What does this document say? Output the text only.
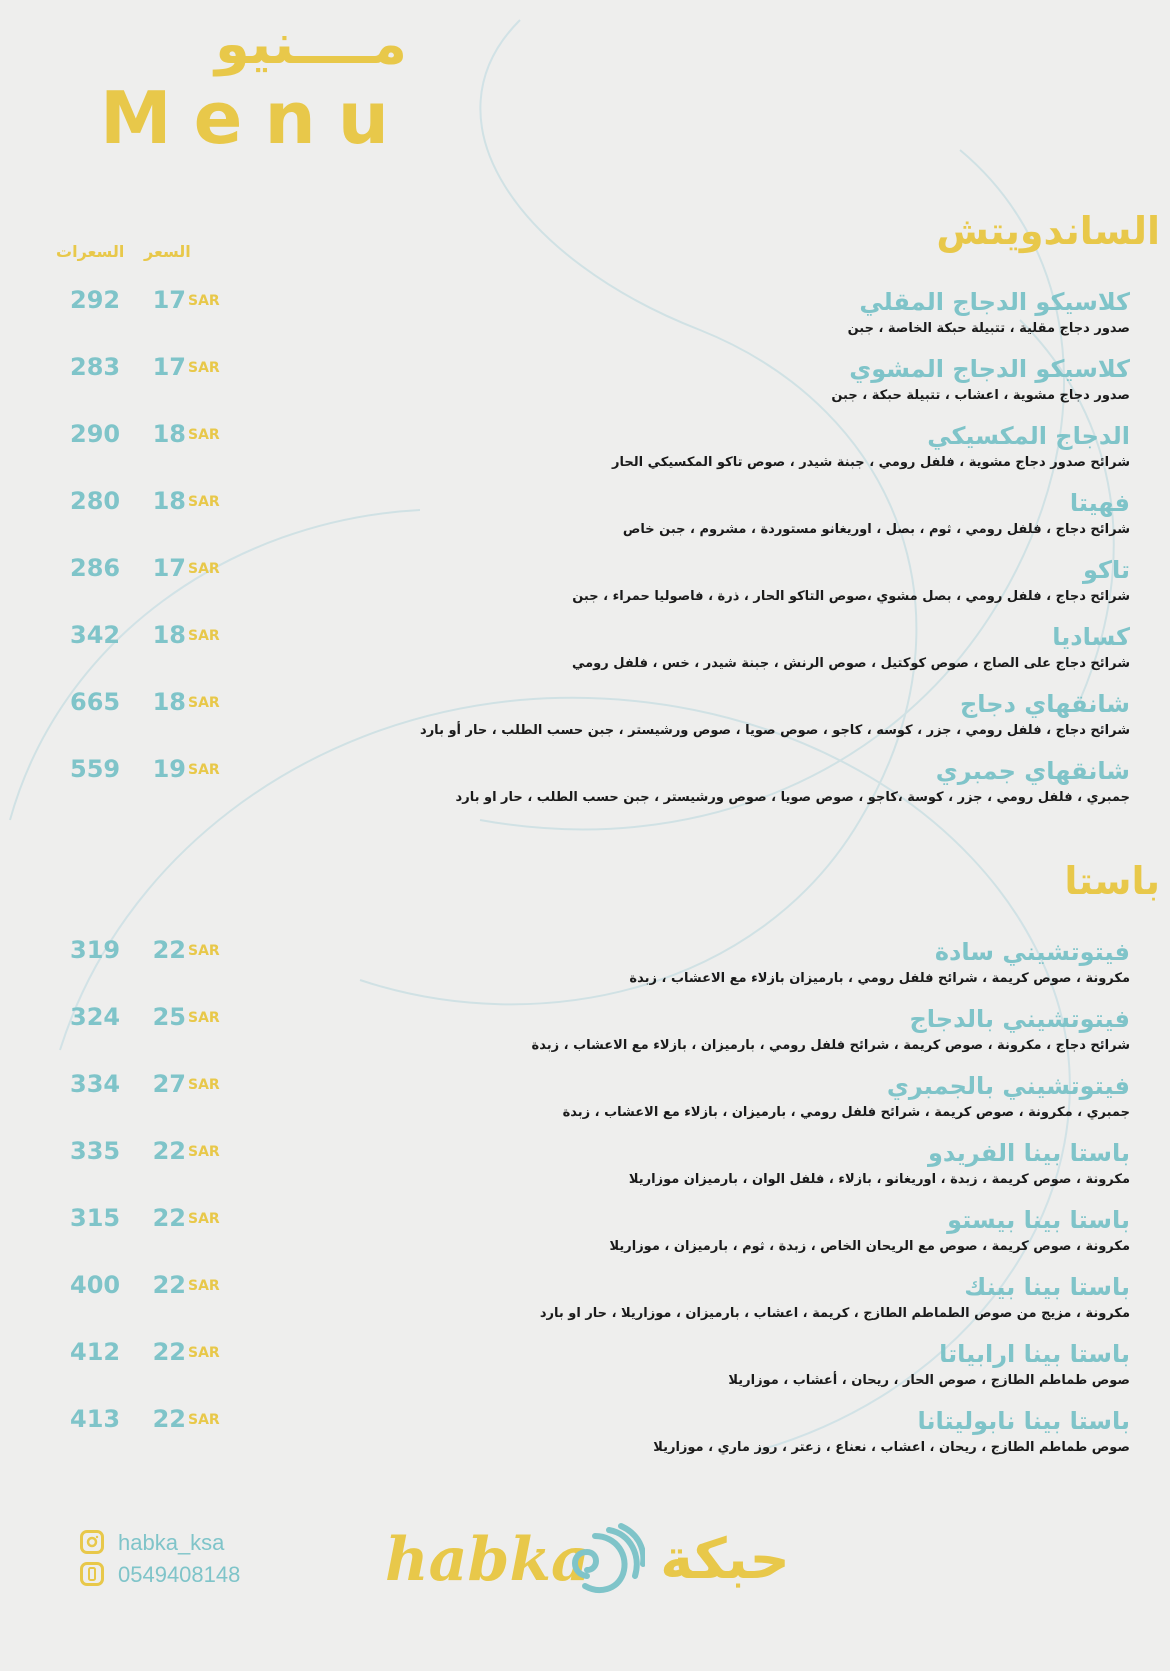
مــــنيو
Menu
السعر
السعرات	الساندويتش
باستا
كلاسيكو الدجاج المقلي
صدور دجاج مقلية ، تتبيلة حبكة الخاصة ، جبن
292 17 SAR
كلاسيكو الدجاج المشوي
صدور دجاج مشوية ، اعشاب ، تتبيلة حبكة ، جبن
283 17 SAR
الدجاج المكسيكي
شرائح صدور دجاج مشوية ، فلفل رومي ، جبنة شيدر ، صوص تاكو المكسيكي الحار
290 18 SAR
فهيتا
شرائح دجاج ، فلفل رومي ، ثوم ، بصل ، اوريغانو مستوردة ، مشروم ، جبن خاص
280 18 SAR
تاكو
شرائح دجاج ، فلفل رومي ، بصل مشوي ،صوص التاكو الحار ، ذرة ، فاصوليا حمراء ، جبن
286 17 SAR
كساديا
شرائح دجاج على الصاج ، صوص كوكتيل ، صوص الرنش ، جبنة شيدر ، خس ، فلفل رومي
342 18 SAR
شانقهاي دجاج
شرائح دجاج ، فلفل رومي ، جزر ، كوسه ، كاجو ، صوص صويا ، صوص ورشيستر ، جبن حسب الطلب ، حار أو بارد
665 18 SAR
شانقهاي جمبري
جمبري ، فلفل رومي ، جزر ، كوسة ،كاجو ، صوص صويا ، صوص ورشيستر ، جبن حسب الطلب ، حار او بارد
559 19 SAR
فيتوتشيني سادة
مكرونة ، صوص كريمة ، شرائح فلفل رومي ، بارميزان بازلاء مع الاعشاب ، زبدة
319 22 SAR
فيتوتشيني بالدجاج
شرائح دجاج ، مكرونة ، صوص كريمة ، شرائح فلفل رومي ، بارميزان ، بازلاء مع الاعشاب ، زبدة
324 25 SAR
فيتوتشيني بالجمبري
جمبري ، مكرونة ، صوص كريمة ، شرائح فلفل رومي ، بارميزان ، بازلاء مع الاعشاب ، زبدة
334 27 SAR
باستا بينا الفريدو
مكرونة ، صوص كريمة ، زبدة ، اوريغانو ، بازلاء ، فلفل الوان ، بارميزان موزاريلا
335 22 SAR
باستا بينا بيستو
مكرونة ، صوص كريمة ، صوص مع الريحان الخاص ، زبدة ، ثوم ، بارميزان ، موزاريلا
315 22 SAR
باستا بينا بينك
مكرونة ، مزيج من صوص الطماطم الطازج ، كريمة ، اعشاب ، بارميزان ، موزاريلا ، حار او بارد
400 22 SAR
باستا بينا ارابياتا
صوص طماطم الطازج ، صوص الحار ، ريحان ، أعشاب ، موزاريلا
412 22 SAR
باستا بينا نابوليتانا
صوص طماطم الطازج ، ريحان ، اعشاب ، نعناع ، زعتر ، روز ماري ، موزاريلا
413 22 SAR
habka_ksa
0549408148 habka حبكة
